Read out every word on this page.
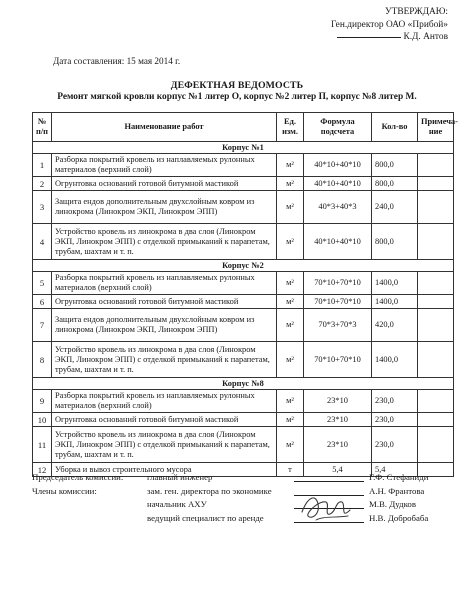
УТВЕРЖДАЮ:
Ген.директор ОАО «Прибой»
К.Д. Антов
Дата составления: 15 мая 2014 г.
ДЕФЕКТНАЯ ВЕДОМОСТЬ
Ремонт мягкой кровли корпус №1 литер О, корпус №2 литер П, корпус №8 литер М.
№ п/п	Наименование работ	Ед. изм.	Формула подсчета	Кол-во	Примеча-ние
Корпус №1					
1	Разборка покрытий кровель из наплавляемых рулонных материалов (верхний слой)	м²	40*10+40*10	800,0	
2	Огрунтовка оснований готовой битумной мастикой	м²	40*10+40*10	800,0	
3	Защита ендов дополнительным двухслойным ковром из линокрома (Линокром ЭКП, Линокром ЭПП)	м²	40*3+40*3	240,0	
4	Устройство кровель из линокрома в два слоя (Линокром ЭКП, Линокром ЭПП) с отделкой примыканий к парапетам, трубам, шахтам и т. п.	м²	40*10+40*10	800,0	
Корпус №2					
5	Разборка покрытий кровель из наплавляемых рулонных материалов (верхний слой)	м²	70*10+70*10	1400,0	
6	Огрунтовка оснований готовой битумной мастикой	м²	70*10+70*10	1400,0	
7	Защита ендов дополнительным двухслойным ковром из линокрома (Линокром ЭКП, Линокром ЭПП)	м²	70*3+70*3	420,0	
8	Устройство кровель из линокрома в два слоя (Линокром ЭКП, Линокром ЭПП) с отделкой примыканий к парапетам, трубам, шахтам и т. п.	м²	70*10+70*10	1400,0	
Корпус №8					
9	Разборка покрытий кровель из наплавляемых рулонных материалов (верхний слой)	м²	23*10	230,0	
10	Огрунтовка оснований готовой битумной мастикой	м²	23*10	230,0	
11	Устройство кровель из линокрома в два слоя (Линокром ЭКП, Линокром ЭПП) с отделкой примыканий к парапетам, трубам, шахтам и т. п.	м²	23*10	230,0	
12	Уборка и вывоз строительного мусора	т	5,4	5,4	
Председатель комиссии:	главный инженер	Г.Ф. Стефаниди
Члены комиссии:	зам. ген. директора по экономике	А.Н. Фрaнтова
начальник АХУ	М.В. Дудков
ведущий специалист по аренде	Н.В. Добробаба
